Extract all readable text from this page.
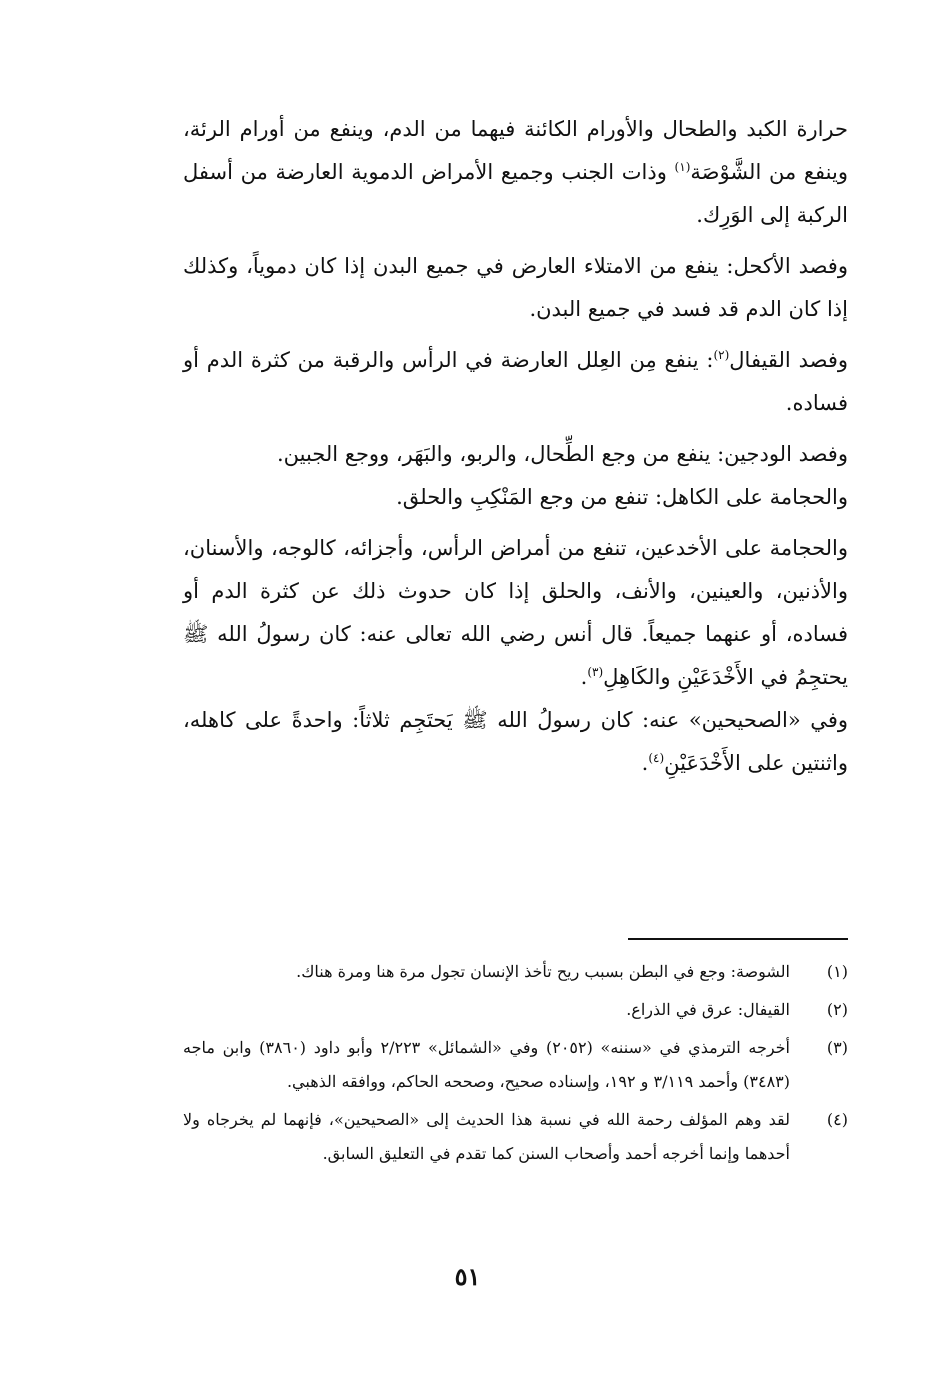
حرارة الكبد والطحال والأورام الكائنة فيهما من الدم، وينفع من أورام الرئة، وينفع من الشَّوْصَة$^{(١)}$ وذات الجنب وجميع الأمراض الدموية العارضة من أسفل الركبة إلى الوَرِك.

وفصد الأكحل: ينفع من الامتلاء العارض في جميع البدن إذا كان دموياً، وكذلك إذا كان الدم قد فسد في جميع البدن.

وفصد القيفال$^{(٢)}$: ينفع مِن العِلل العارضة في الرأس والرقبة من كثرة الدم أو فساده.

وفصد الودجين: ينفع من وجع الطِّحال، والربو، والبَهَر، ووجع الجبين.

والحجامة على الكاهل: تنفع من وجع المَنْكِبِ والحلق.

والحجامة على الأخدعين، تنفع من أمراض الرأس، وأجزائه، كالوجه، والأسنان، والأذنين، والعينين، والأنف، والحلق إذا كان حدوث ذلك عن كثرة الدم أو فساده، أو عنهما جميعاً. قال أنس رضي الله تعالى عنه: كان رسولُ الله ﷺ يحتجِمُ في الأَخْدَعَيْنِ والكَاهِلِ$^{(٣)}$.

وفي «الصحيحين» عنه: كان رسولُ الله ﷺ يَحتَجِم ثلاثاً: واحدةً على كاهله، واثنتين على الأَخْدَعَيْنِ$^{(٤)}$.

(١)
الشوصة: وجع في البطن بسبب ريح تأخذ الإنسان تجول مرة هنا ومرة هناك.
(٢)
القيفال: عرق في الذراع.
(٣)
أخرجه الترمذي في «سننه» (٢٠٥٢) وفي «الشمائل» ٢/٢٢٣ وأبو داود (٣٨٦٠) وابن ماجه (٣٤٨٣) وأحمد ٣/١١٩ و ١٩٢، وإسناده صحيح، وصححه الحاكم، ووافقه الذهبي.
(٤)
لقد وهم المؤلف رحمة الله في نسبة هذا الحديث إلى «الصحيحين»، فإنهما لم يخرجاه ولا أحدهما وإنما أخرجه أحمد وأصحاب السنن كما تقدم في التعليق السابق.
٥١
